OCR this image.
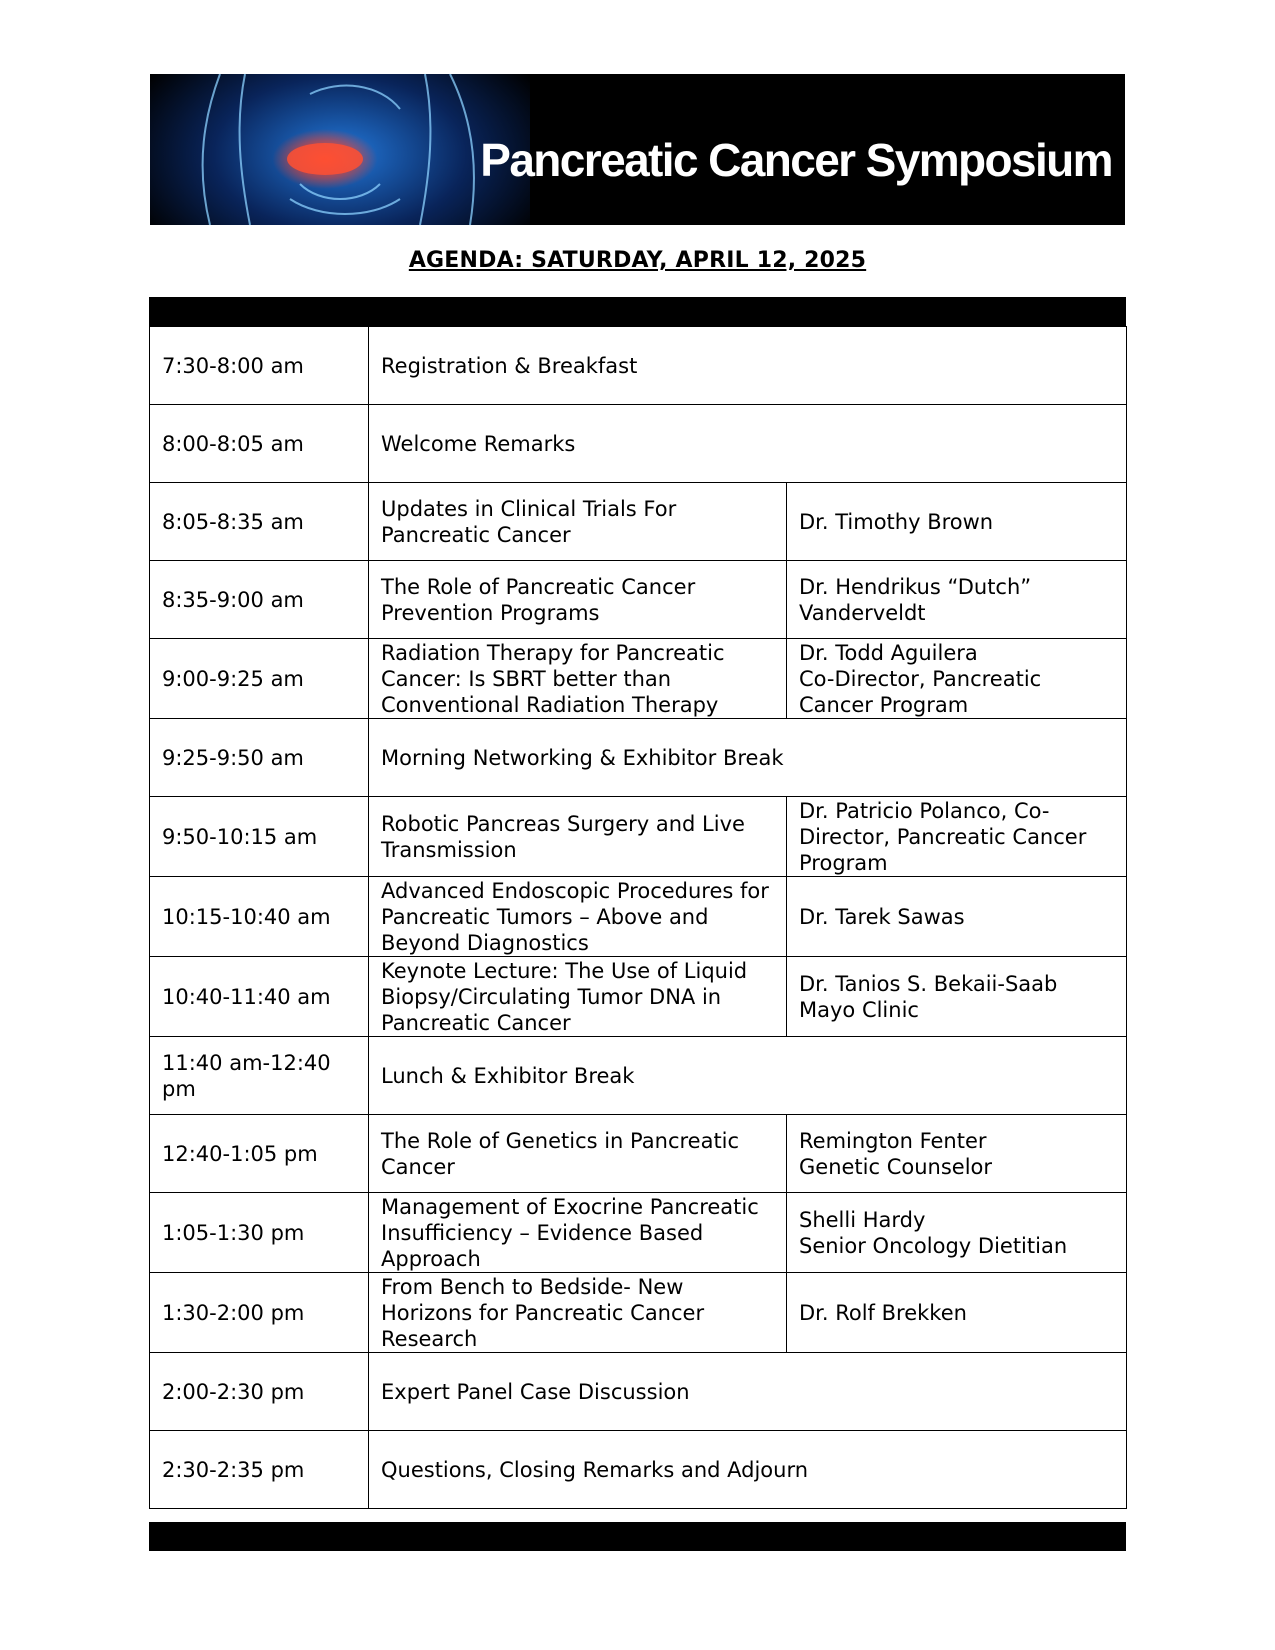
Pancreatic Cancer Symposium
AGENDA: SATURDAY, APRIL 12, 2025
7:30-8:00 am	Registration & Breakfast	
8:00-8:05 am	Welcome Remarks	
8:05-8:35 am	Updates in Clinical Trials For Pancreatic Cancer	Dr. Timothy Brown
8:35-9:00 am	The Role of Pancreatic Cancer Prevention Programs	Dr. Hendrikus “Dutch” Vanderveldt
9:00-9:25 am	Radiation Therapy for Pancreatic Cancer: Is SBRT better than Conventional Radiation Therapy	Dr. Todd Aguilera
Co-Director, Pancreatic Cancer Program
9:25-9:50 am	Morning Networking & Exhibitor Break	
9:50-10:15 am	Robotic Pancreas Surgery and Live Transmission	Dr. Patricio Polanco, Co-Director, Pancreatic Cancer Program
10:15-10:40 am	Advanced Endoscopic Procedures for Pancreatic Tumors – Above and Beyond Diagnostics	Dr. Tarek Sawas
10:40-11:40 am	Keynote Lecture: The Use of Liquid Biopsy/Circulating Tumor DNA in Pancreatic Cancer	Dr. Tanios S. Bekaii-Saab
Mayo Clinic
11:40 am-12:40 pm	Lunch & Exhibitor Break	
12:40-1:05 pm	The Role of Genetics in Pancreatic Cancer	Remington Fenter
Genetic Counselor
1:05-1:30 pm	Management of Exocrine Pancreatic Insufficiency – Evidence Based Approach	Shelli Hardy
Senior Oncology Dietitian
1:30-2:00 pm	From Bench to Bedside- New Horizons for Pancreatic Cancer Research	Dr. Rolf Brekken
2:00-2:30 pm	Expert Panel Case Discussion	
2:30-2:35 pm	Questions, Closing Remarks and Adjourn	
